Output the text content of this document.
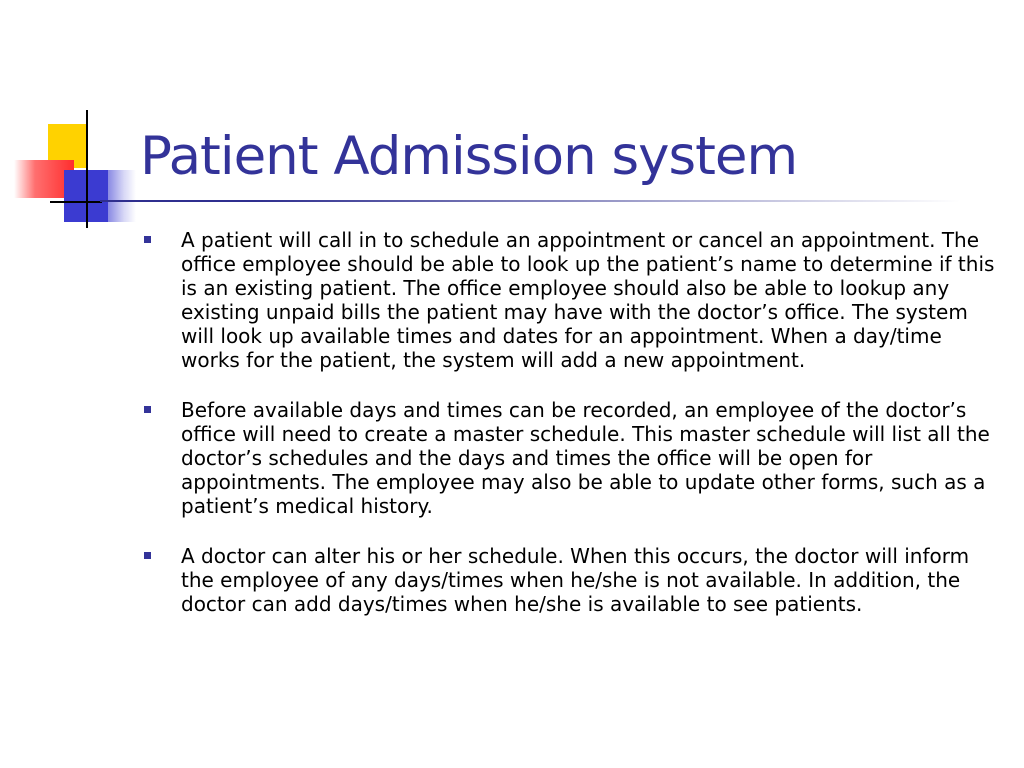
Patient Admission system
A patient will call in to schedule an appointment or cancel an appointment. The office employee should be able to look up the patient’s name to determine if this is an existing patient. The office employee should also be able to lookup any existing unpaid bills the patient may have with the doctor’s office. The system will look up available times and dates for an appointment. When a day/time works for the patient, the system will add a new appointment.
Before available days and times can be recorded, an employee of the doctor’s office will need to create a master schedule. This master schedule will list all the doctor’s schedules and the days and times the office will be open for appointments. The employee may also be able to update other forms, such as a patient’s medical history.
A doctor can alter his or her schedule. When this occurs, the doctor will inform the employee of any days/times when he/she is not available. In addition, the doctor can add days/times when he/she is available to see patients.
